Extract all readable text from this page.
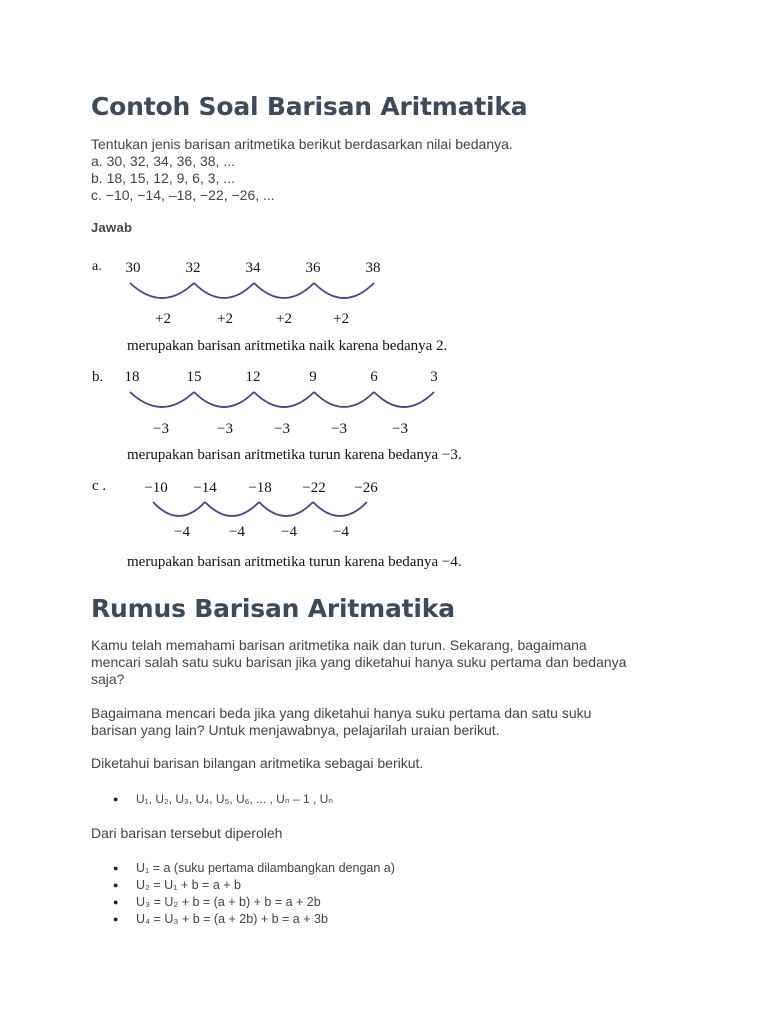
Contoh Soal Barisan Aritmatika
Tentukan jenis barisan aritmetika berikut berdasarkan nilai bedanya.
a. 30, 32, 34, 36, 38, ...
b. 18, 15, 12, 9, 6, 3, ...
c. −10, −14, –18, −22, −26, ...
Jawab
Rumus Barisan Aritmatika
Kamu telah memahami barisan aritmetika naik dan turun. Sekarang, bagaimana
mencari salah satu suku barisan jika yang diketahui hanya suku pertama dan bedanya
saja?
Bagaimana mencari beda jika yang diketahui hanya suku pertama dan satu suku
barisan yang lain? Untuk menjawabnya, pelajarilah uraian berikut.
Diketahui barisan bilangan aritmetika sebagai berikut.
● U₁, U₂, U₃, U₄, U₅, U₆, ... , Uₙ – 1 , Uₙ
Dari barisan tersebut diperoleh
● U₁ = a (suku pertama dilambangkan dengan a)
● U₂ = U₁ + b = a + b
● U₃ = U₂ + b = (a + b) + b = a + 2b
● U₄ = U₃ + b = (a + 2b) + b = a + 3b
a. 30	32	34	36	38
+2	+2	+2	+2
merupakan barisan aritmetika naik karena bedanya 2.
b. 18	15	12	9	6	3
−3	−3	−3	−3	−3
merupakan barisan aritmetika turun karena bedanya −3.
c .	−10 −14 −18 −22 −26
−4	−4 −4 −4
merupakan barisan aritmetika turun karena bedanya −4.
